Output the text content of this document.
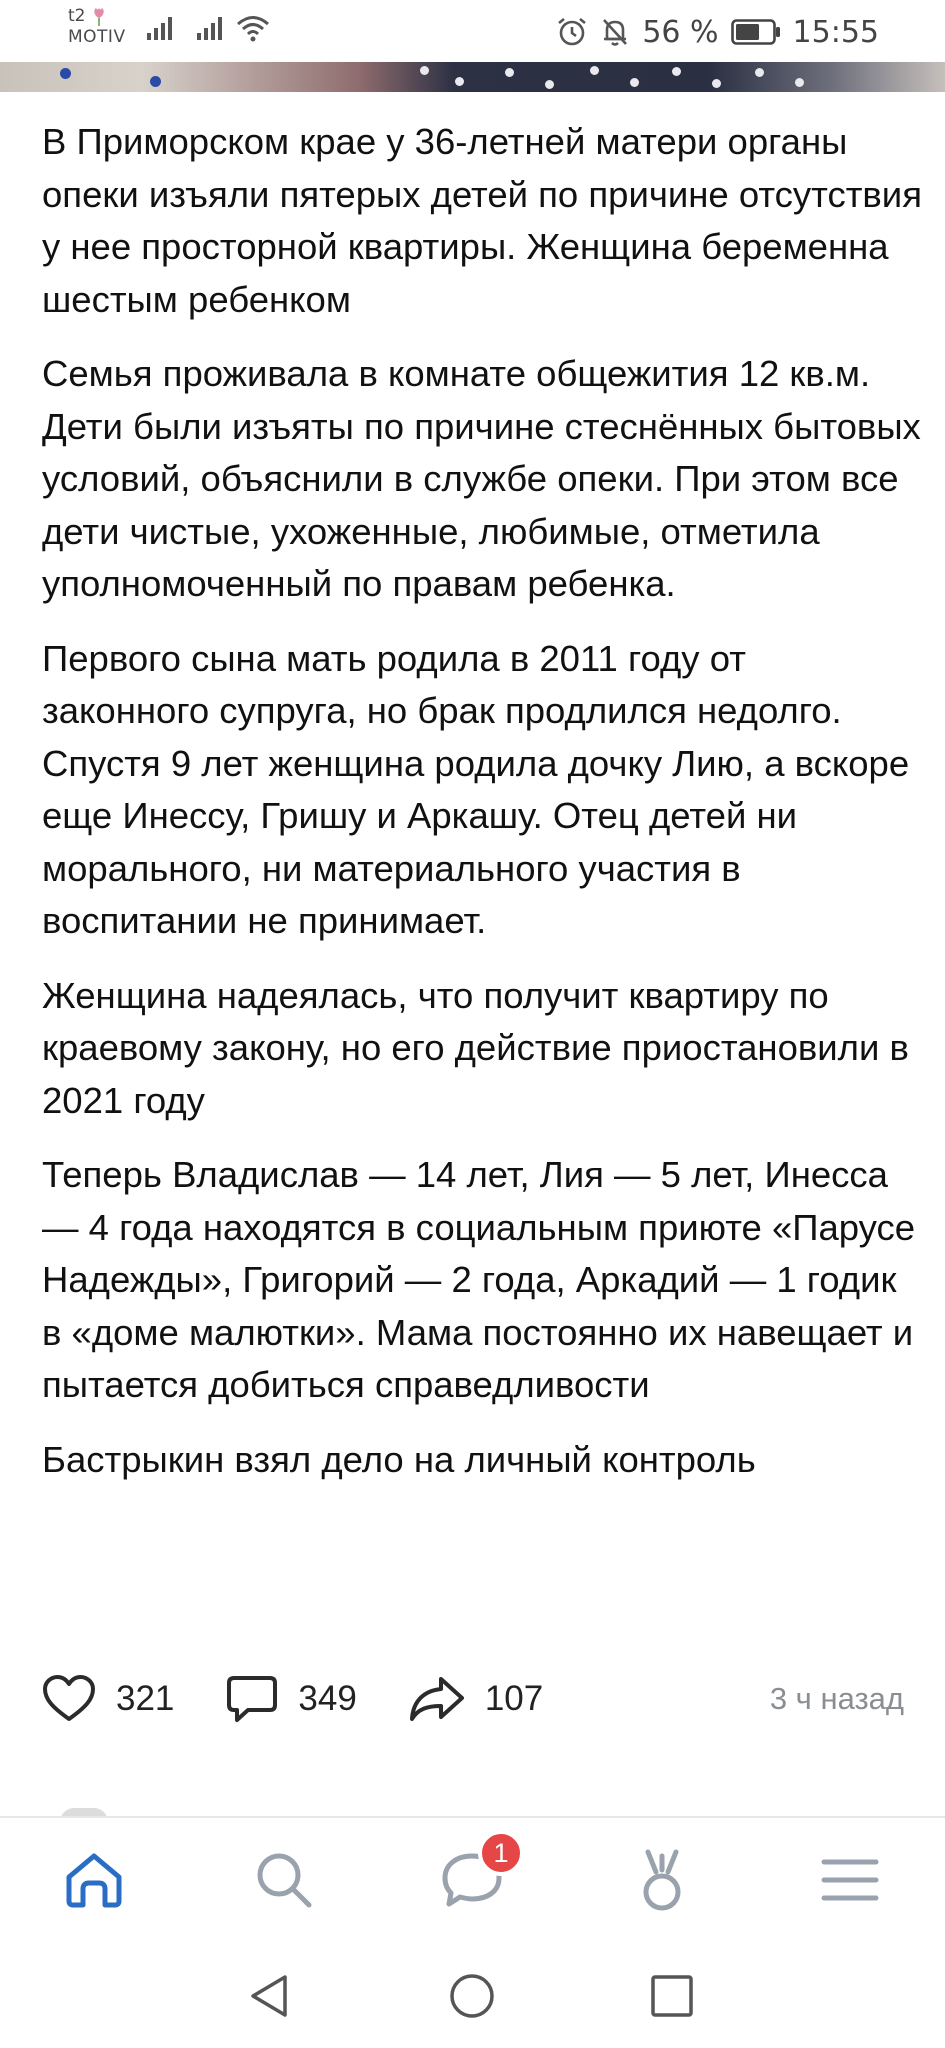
t2
MOTIV	56 % 15:55

В Приморском крае у 36-летней матери органы опеки изъяли пятерых детей по причине отсутствия у нее просторной квартиры. Женщина беременна шестым ребенком

Семья проживала в комнате общежития 12 кв.м. Дети были изъяты по причине стеснённых бытовых условий, объяснили в службе опеки. При этом все дети чистые, ухоженные, любимые, отметила уполномоченный по правам ребенка.

Первого сына мать родила в 2011 году от законного супруга, но брак продлился недолго. Спустя 9 лет женщина родила дочку Лию, а вскоре еще Инессу, Гришу и Аркашу. Отец детей ни морального, ни материального участия в воспитании не принимает.

Женщина надеялась, что получит квартиру по краевому закону, но его действие приостановили в 2021 году

Теперь Владислав — 14 лет, Лия — 5 лет, Инесса — 4 года находятся в социальным приюте «Парусе Надежды», Григорий — 2 года, Аркадий — 1 годик в «доме малютки». Мама постоянно их навещает и пытается добиться справедливости

Бастрыкин взял дело на личный контроль

321	349	107	3 ч назад
1
